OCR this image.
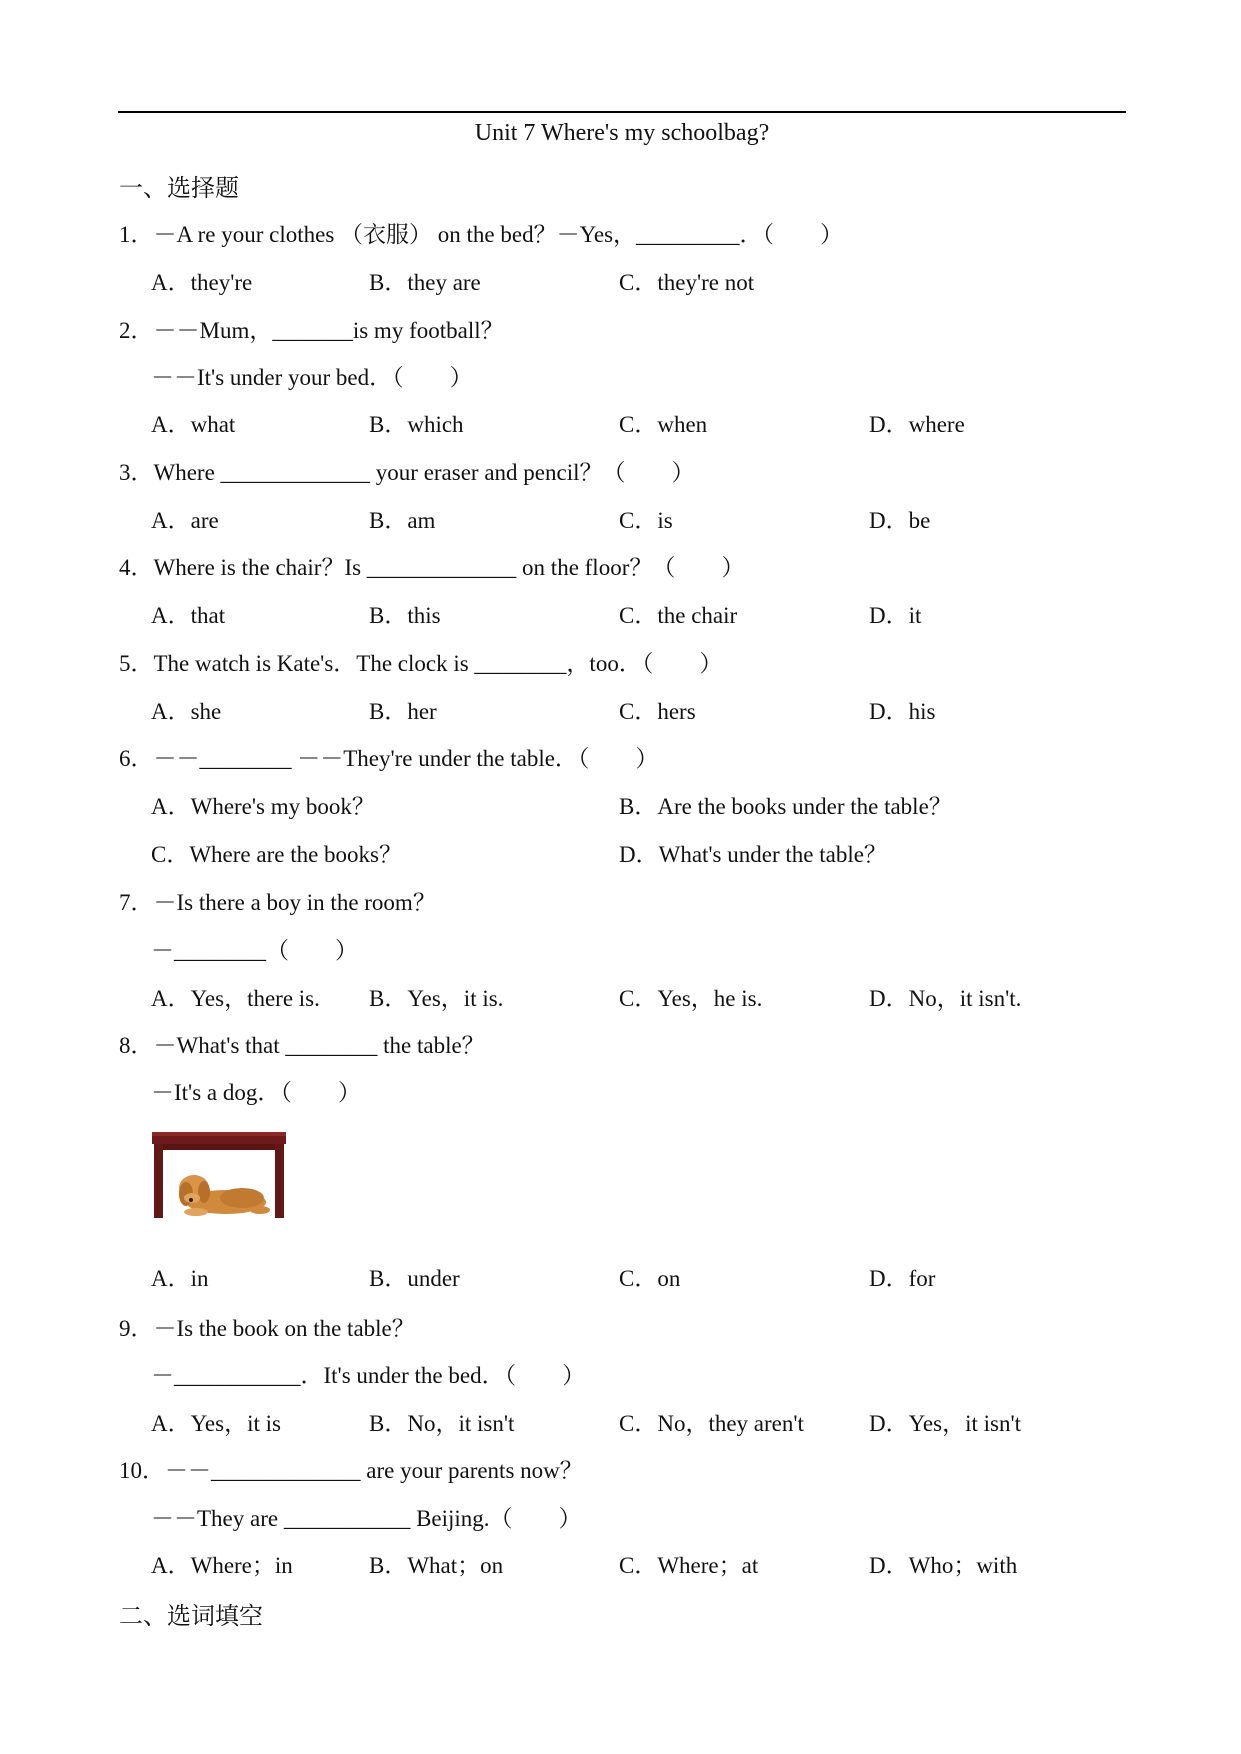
Unit 7 Where's my schoolbag?
一、选择题
1．－A re your clothes （衣服） on the bed？－Yes，_________．（　　）
A．they're	B．they are	C．they're not
2．－－Mum，_______is my football？
－－It's under your bed．（　　）
A．what	B．which	C．when	D．where
3．Where _____________ your eraser and pencil？（　　）
A．are	B．am	C．is	D．be
4．Where is the chair？Is _____________ on the floor？（　　）
A．that	B．this	C．the chair	D．it
5．The watch is Kate's．The clock is ________，too．（　　）
A．she	B．her	C．hers	D．his
6．－－________ －－They're under the table．（　　）
A．Where's my book？	B．Are the books under the table？
C．Where are the books？	D．What's under the table？
7．－Is there a boy in the room？
－________（　　）
A．Yes，there is. B．Yes，it is.	C．Yes，he is.	D．No，it isn't.
8．－What's that ________ the table？
－It's a dog．（　　）
A．in	B．under	C．on	D．for
9．－Is the book on the table？
－___________．It's under the bed．（　　）
A．Yes，it is	B．No，it isn't	C．No，they aren't	D．Yes，it isn't
10．－－_____________ are your parents now？
－－They are ___________ Beijing.（　　）
A．Where；in	B．What；on	C．Where；at	D．Who；with
二、选词填空
